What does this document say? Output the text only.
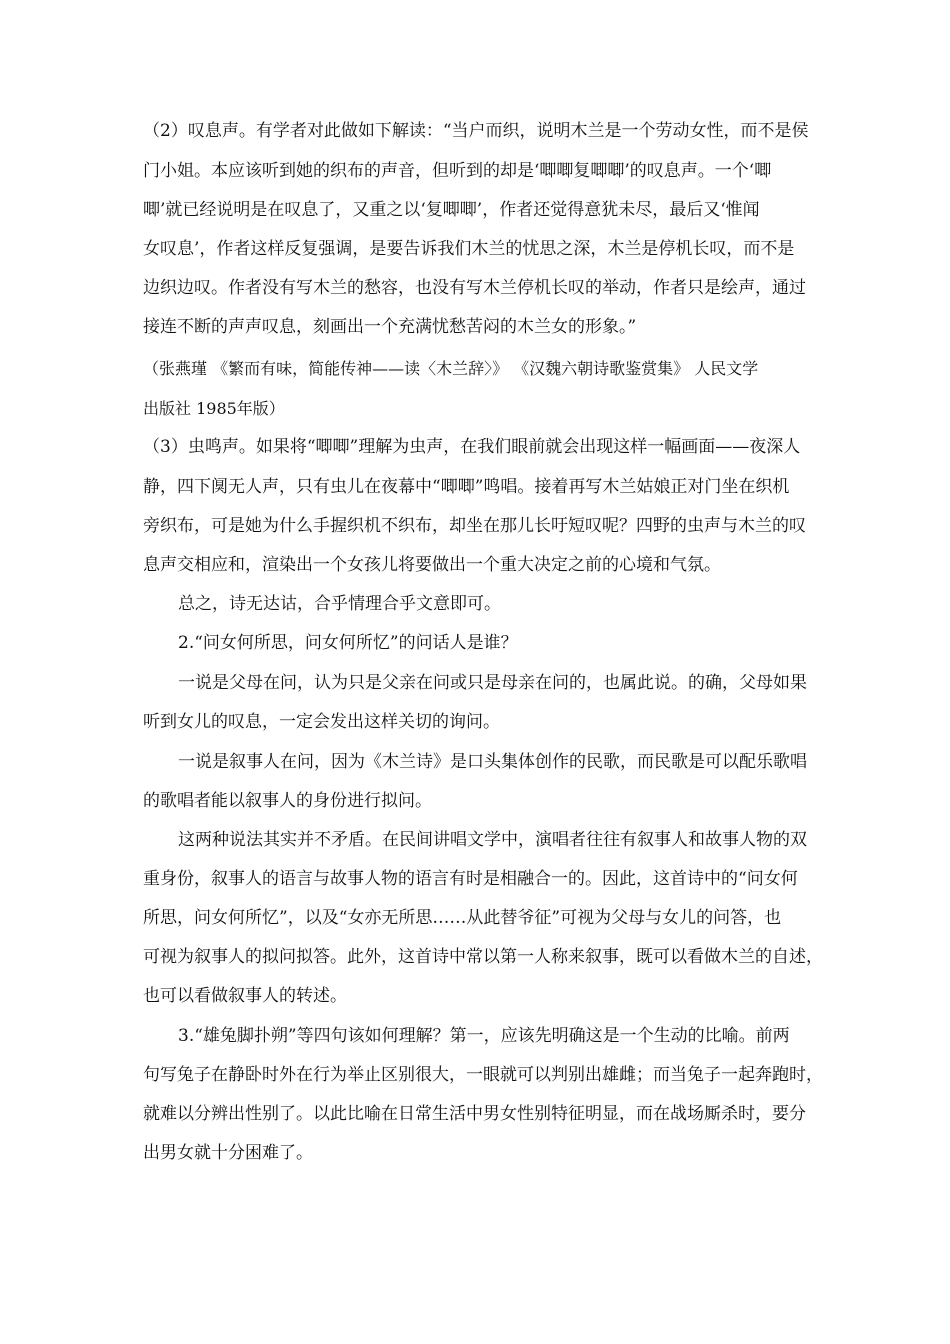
（2）叹息声。有学者对此做如下解读：“当户而织，说明木兰是一个劳动女性，而不是侯
门小姐。本应该听到她的织布的声音，但听到的却是‘唧唧复唧唧’的叹息声。一个‘唧
唧’就已经说明是在叹息了，又重之以‘复唧唧’，作者还觉得意犹未尽，最后又‘惟闻
女叹息’，作者这样反复强调，是要告诉我们木兰的忧思之深，木兰是停机长叹，而不是
边织边叹。作者没有写木兰的愁容，也没有写木兰停机长叹的举动，作者只是绘声，通过
接连不断的声声叹息，刻画出一个充满忧愁苦闷的木兰女的形象。”
（张燕瑾 《繁而有味，简能传神——读〈木兰辞〉》 《汉魏六朝诗歌鉴赏集》 人民文学
出版社 1985年版）
（3）虫鸣声。如果将“唧唧”理解为虫声，在我们眼前就会出现这样一幅画面——夜深人
静，四下阒无人声，只有虫儿在夜幕中“唧唧”鸣唱。接着再写木兰姑娘正对门坐在织机
旁织布，可是她为什么手握织机不织布，却坐在那儿长吁短叹呢？四野的虫声与木兰的叹
息声交相应和，渲染出一个女孩儿将要做出一个重大决定之前的心境和气氛。
总之，诗无达诂，合乎情理合乎文意即可。
2.“问女何所思，问女何所忆”的问话人是谁？
一说是父母在问，认为只是父亲在问或只是母亲在问的，也属此说。的确，父母如果
听到女儿的叹息，一定会发出这样关切的询问。
一说是叙事人在问，因为《木兰诗》是口头集体创作的民歌，而民歌是可以配乐歌唱
的歌唱者能以叙事人的身份进行拟问。
这两种说法其实并不矛盾。在民间讲唱文学中，演唱者往往有叙事人和故事人物的双
重身份，叙事人的语言与故事人物的语言有时是相融合一的。因此，这首诗中的“问女何
所思，问女何所忆”，以及“女亦无所思……从此替爷征”可视为父母与女儿的问答，也
可视为叙事人的拟问拟答。此外，这首诗中常以第一人称来叙事，既可以看做木兰的自述，
也可以看做叙事人的转述。
3.“雄兔脚扑朔”等四句该如何理解？第一，应该先明确这是一个生动的比喻。前两
句写兔子在静卧时外在行为举止区别很大，一眼就可以判别出雄雌；而当兔子一起奔跑时，
就难以分辨出性别了。以此比喻在日常生活中男女性别特征明显，而在战场厮杀时，要分
出男女就十分困难了。
